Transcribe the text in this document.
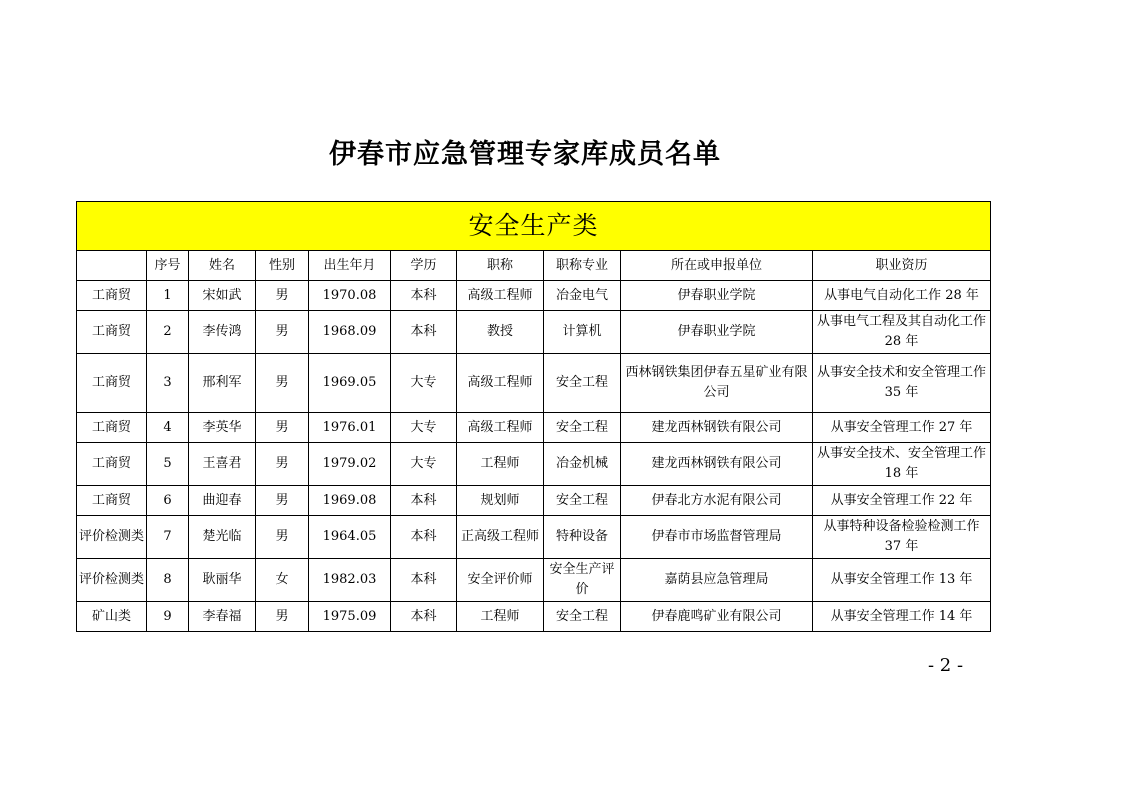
伊春市应急管理专家库成员名单
安全生产类									
	序号	姓名	性别	出生年月	学历	职称	职称专业	所在或申报单位	职业资历
工商贸	1	宋如武	男	1970.08	本科	高级工程师	冶金电气	伊春职业学院	从事电气自动化工作 28 年
工商贸	2	李传鸿	男	1968.09	本科	教授	计算机	伊春职业学院	从事电气工程及其自动化工作 28 年
工商贸	3	邢利军	男	1969.05	大专	高级工程师	安全工程	西林钢铁集团伊春五星矿业有限公司	从事安全技术和安全管理工作 35 年
工商贸	4	李英华	男	1976.01	大专	高级工程师	安全工程	建龙西林钢铁有限公司	从事安全管理工作 27 年
工商贸	5	王喜君	男	1979.02	大专	工程师	冶金机械	建龙西林钢铁有限公司	从事安全技术、安全管理工作 18 年
工商贸	6	曲迎春	男	1969.08	本科	规划师	安全工程	伊春北方水泥有限公司	从事安全管理工作 22 年
评价检测类	7	楚光临	男	1964.05	本科	正高级工程师	特种设备	伊春市市场监督管理局	从事特种设备检验检测工作 37 年
评价检测类	8	耿丽华	女	1982.03	本科	安全评价师	安全生产评价	嘉荫县应急管理局	从事安全管理工作 13 年
矿山类	9	李春福	男	1975.09	本科	工程师	安全工程	伊春鹿鸣矿业有限公司	从事安全管理工作 14 年
- 2 -
